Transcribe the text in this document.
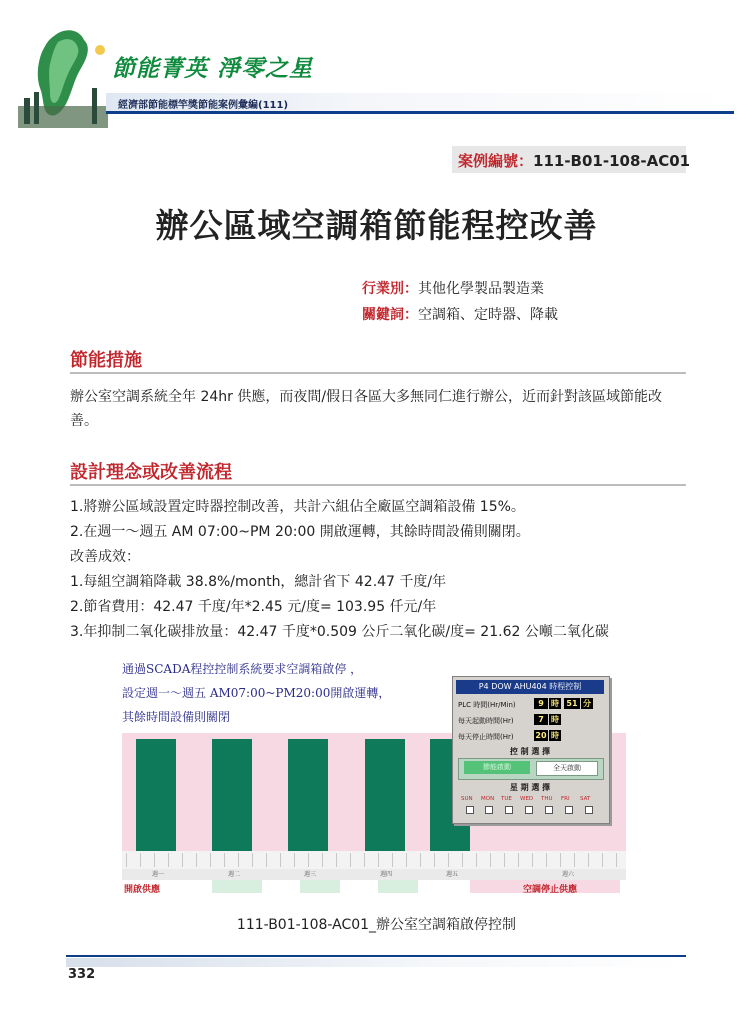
節能菁英 淨零之星
經濟部節能標竿獎節能案例彙編(111)
案例編號：111-B01-108-AC01
辦公區域空調箱節能程控改善
行業別：其他化學製品製造業
關鍵詞：空調箱、定時器、降載
節能措施
辦公室空調系統全年 24hr 供應，而夜間/假日各區大多無同仁進行辦公，近而針對該區域節能改善。
設計理念或改善流程
1.將辦公區域設置定時器控制改善，共計六組佔全廠區空調箱設備 15%。
2.在週一～週五 AM 07:00~PM 20:00 開啟運轉，其餘時間設備則關閉。
改善成效：
1.每組空調箱降載 38.8%/month，總計省下 42.47 千度/年
2.節省費用：42.47 千度/年*2.45 元/度= 103.95 仟元/年
3.年抑制二氧化碳排放量：42.47 千度*0.509 公斤二氧化碳/度= 21.62 公噸二氧化碳
通過SCADA程控控制系統要求空調箱啟停 ，
設定週一～週五 AM07:00~PM20:00開啟運轉，
其餘時間設備則關閉
週一	週二	週三	週四	週五	週六
開啟供應	空調停止供應
P4 DOW AHU404 時程控制
PLC 時間(Hr/Min)	9 時 51 分
每天起動時間(Hr)	7 時
每天停止時間(Hr)	20 時
控 制 選 擇
節能啟動	全天啟動
星 期 選 擇
SUN MON TUE WED THU FRI SAT
111-B01-108-AC01_辦公室空調箱啟停控制
332
